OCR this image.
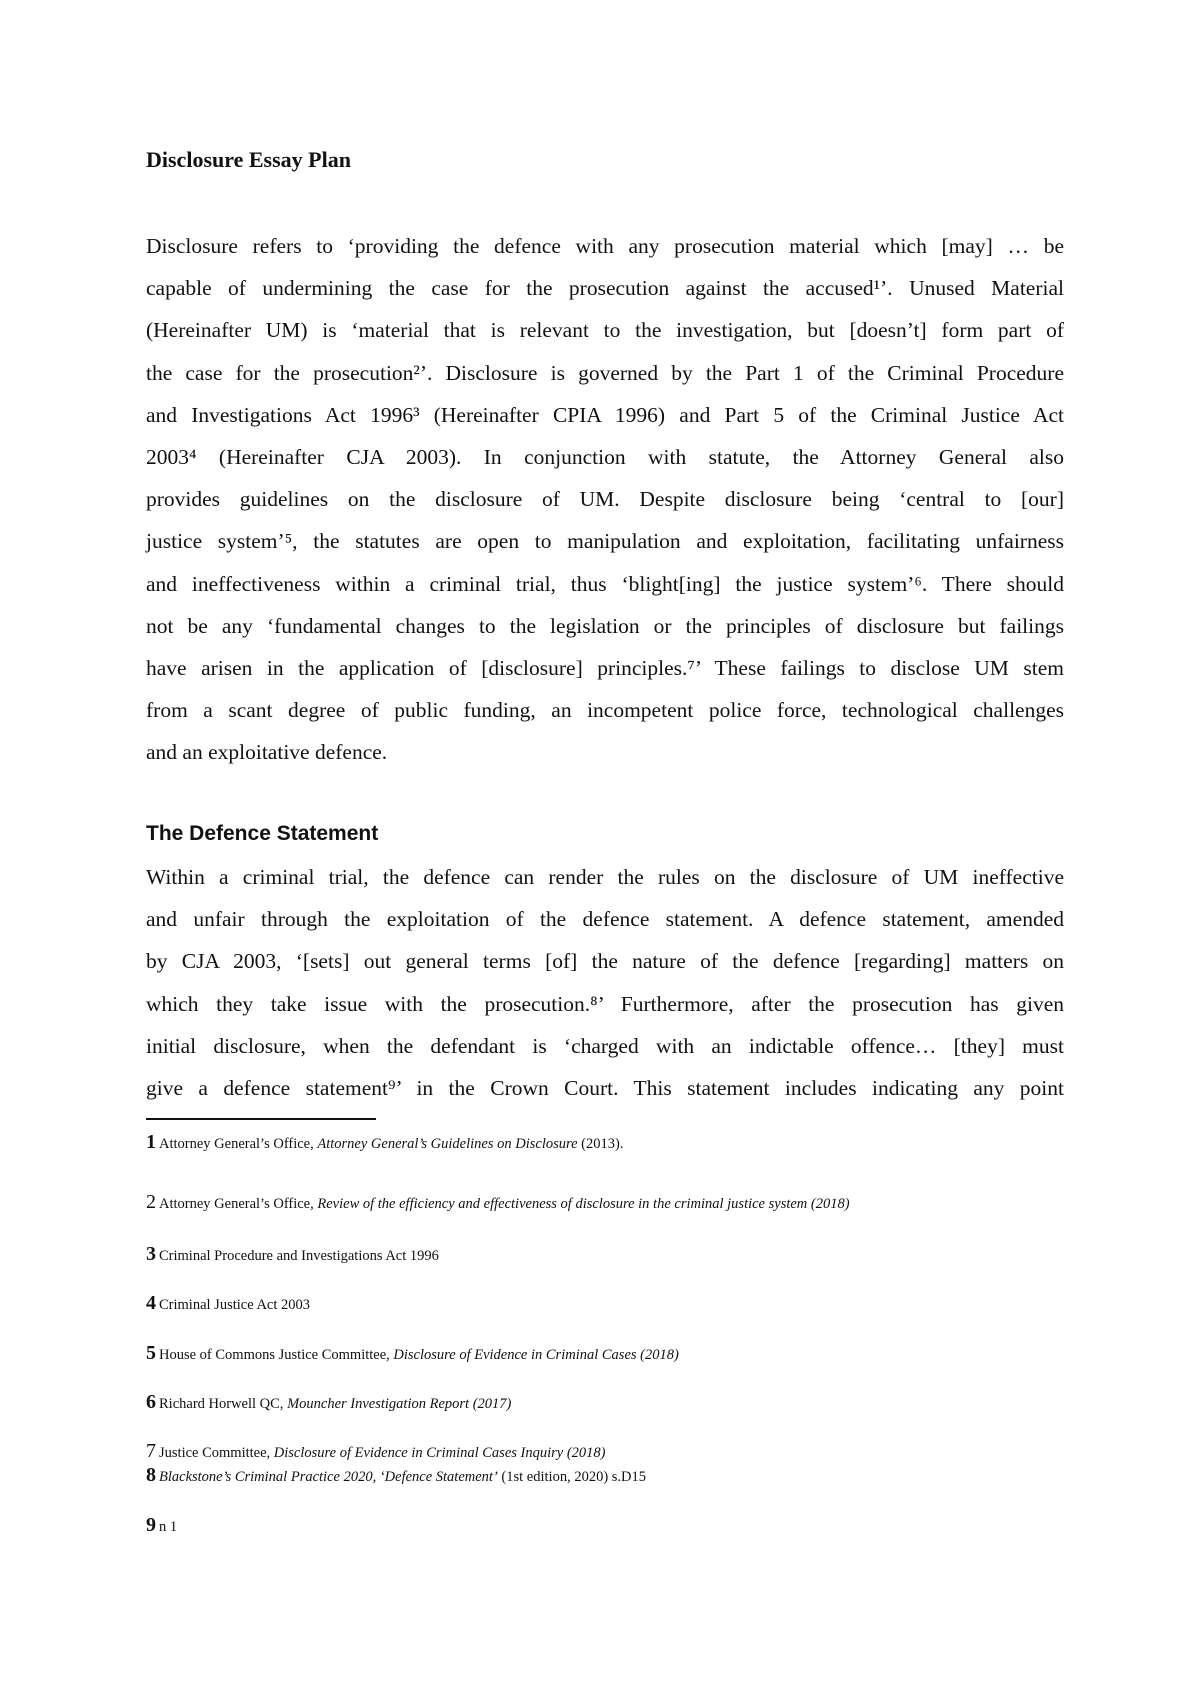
Disclosure Essay Plan
Disclosure refers to ‘providing the defence with any prosecution material which [may] … be
capable of undermining the case for the prosecution against the accused¹’. Unused Material
(Hereinafter UM) is ‘material that is relevant to the investigation, but [doesn’t] form part of
the case for the prosecution²’. Disclosure is governed by the Part 1 of the Criminal Procedure
and Investigations Act 1996³ (Hereinafter CPIA 1996) and Part 5 of the Criminal Justice Act
2003⁴ (Hereinafter CJA 2003). In conjunction with statute, the Attorney General also
provides guidelines on the disclosure of UM. Despite disclosure being ‘central to [our]
justice system’⁵, the statutes are open to manipulation and exploitation, facilitating unfairness
and ineffectiveness within a criminal trial, thus ‘blight[ing] the justice system’⁶. There should
not be any ‘fundamental changes to the legislation or the principles of disclosure but failings
have arisen in the application of [disclosure] principles.⁷’ These failings to disclose UM stem
from a scant degree of public funding, an incompetent police force, technological challenges
and an exploitative defence.
The Defence Statement
Within a criminal trial, the defence can render the rules on the disclosure of UM ineffective
and unfair through the exploitation of the defence statement. A defence statement, amended
by CJA 2003, ‘[sets] out general terms [of] the nature of the defence [regarding] matters on
which they take issue with the prosecution.⁸’ Furthermore, after the prosecution has given
initial disclosure, when the defendant is ‘charged with an indictable offence… [they] must
give a defence statement⁹’ in the Crown Court. This statement includes indicating any point
1 Attorney General’s Office, Attorney General’s Guidelines on Disclosure (2013).
2 Attorney General’s Office, Review of the efficiency and effectiveness of disclosure in the criminal justice system (2018)
3 Criminal Procedure and Investigations Act 1996
4 Criminal Justice Act 2003
5 House of Commons Justice Committee, Disclosure of Evidence in Criminal Cases (2018)
6 Richard Horwell QC, Mouncher Investigation Report (2017)
7 Justice Committee, Disclosure of Evidence in Criminal Cases Inquiry (2018)
8 Blackstone’s Criminal Practice 2020, ‘Defence Statement’ (1st edition, 2020) s.D15
9 n 1
